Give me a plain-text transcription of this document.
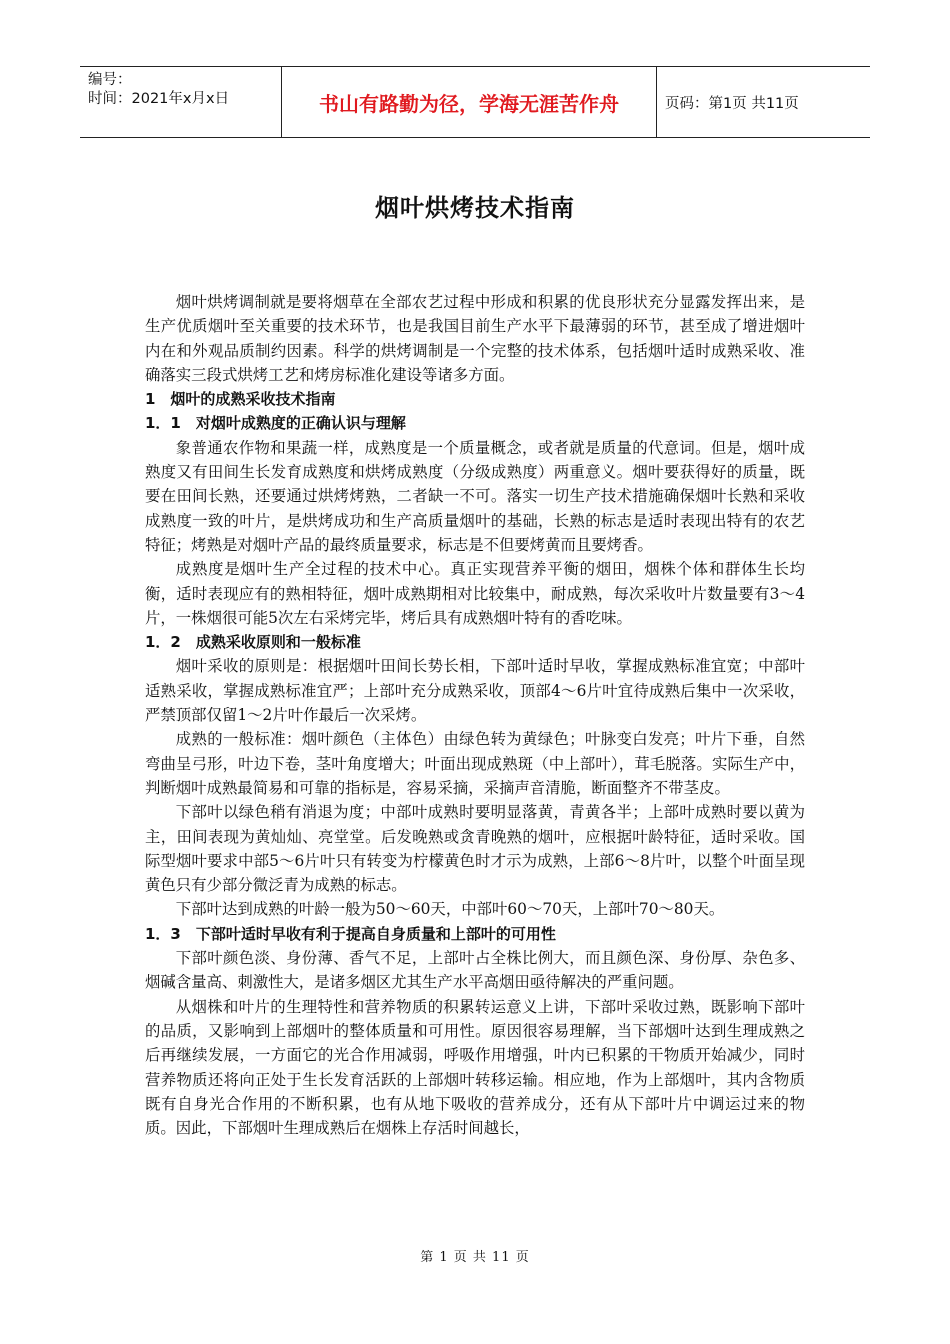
编号：
时间：2021年x月x日	书山有路勤为径，学海无涯苦作舟	页码：第1页 共11页
烟叶烘烤技术指南

烟叶烘烤调制就是要将烟草在全部农艺过程中形成和积累的优良形状充分显露发挥出来，是生产优质烟叶至关重要的技术环节，也是我国目前生产水平下最薄弱的环节，甚至成了增进烟叶内在和外观品质制约因素。科学的烘烤调制是一个完整的技术体系，包括烟叶适时成熟采收、准确落实三段式烘烤工艺和烤房标准化建设等诸多方面。

1　烟叶的成熟采收技术指南
1．1　对烟叶成熟度的正确认识与理解

象普通农作物和果蔬一样，成熟度是一个质量概念，或者就是质量的代意词。但是，烟叶成熟度又有田间生长发育成熟度和烘烤成熟度（分级成熟度）两重意义。烟叶要获得好的质量，既要在田间长熟，还要通过烘烤烤熟，二者缺一不可。落实一切生产技术措施确保烟叶长熟和采收成熟度一致的叶片，是烘烤成功和生产高质量烟叶的基础，长熟的标志是适时表现出特有的农艺特征；烤熟是对烟叶产品的最终质量要求，标志是不但要烤黄而且要烤香。

成熟度是烟叶生产全过程的技术中心。真正实现营养平衡的烟田，烟株个体和群体生长均衡，适时表现应有的熟相特征，烟叶成熟期相对比较集中，耐成熟，每次采收叶片数量要有3～4片，一株烟很可能5次左右采烤完毕，烤后具有成熟烟叶特有的香吃味。

1．2　成熟采收原则和一般标准

烟叶采收的原则是：根据烟叶田间长势长相，下部叶适时早收，掌握成熟标准宜宽；中部叶适熟采收，掌握成熟标准宜严；上部叶充分成熟采收，顶部4～6片叶宜待成熟后集中一次采收，严禁顶部仅留1～2片叶作最后一次采烤。

成熟的一般标准：烟叶颜色（主体色）由绿色转为黄绿色；叶脉变白发亮；叶片下垂，自然弯曲呈弓形，叶边下卷，茎叶角度增大；叶面出现成熟斑（中上部叶），茸毛脱落。实际生产中，判断烟叶成熟最简易和可靠的指标是，容易采摘，采摘声音清脆，断面整齐不带茎皮。

下部叶以绿色稍有消退为度；中部叶成熟时要明显落黄，青黄各半；上部叶成熟时要以黄为主，田间表现为黄灿灿、亮堂堂。后发晚熟或贪青晚熟的烟叶，应根据叶龄特征，适时采收。国际型烟叶要求中部5～6片叶只有转变为柠檬黄色时才示为成熟，上部6～8片叶，以整个叶面呈现黄色只有少部分微泛青为成熟的标志。

下部叶达到成熟的叶龄一般为50～60天，中部叶60～70天，上部叶70～80天。

1．3　下部叶适时早收有利于提高自身质量和上部叶的可用性

下部叶颜色淡、身份薄、香气不足，上部叶占全株比例大，而且颜色深、身份厚、杂色多、烟碱含量高、刺激性大，是诸多烟区尤其生产水平高烟田亟待解决的严重问题。

从烟株和叶片的生理特性和营养物质的积累转运意义上讲，下部叶采收过熟，既影响下部叶的品质，又影响到上部烟叶的整体质量和可用性。原因很容易理解，当下部烟叶达到生理成熟之后再继续发展，一方面它的光合作用减弱，呼吸作用增强，叶内已积累的干物质开始减少，同时营养物质还将向正处于生长发育活跃的上部烟叶转移运输。相应地，作为上部烟叶，其内含物质既有自身光合作用的不断积累，也有从地下吸收的营养成分，还有从下部叶片中调运过来的物质。因此，下部烟叶生理成熟后在烟株上存活时间越长，

第 1 页 共 11 页
